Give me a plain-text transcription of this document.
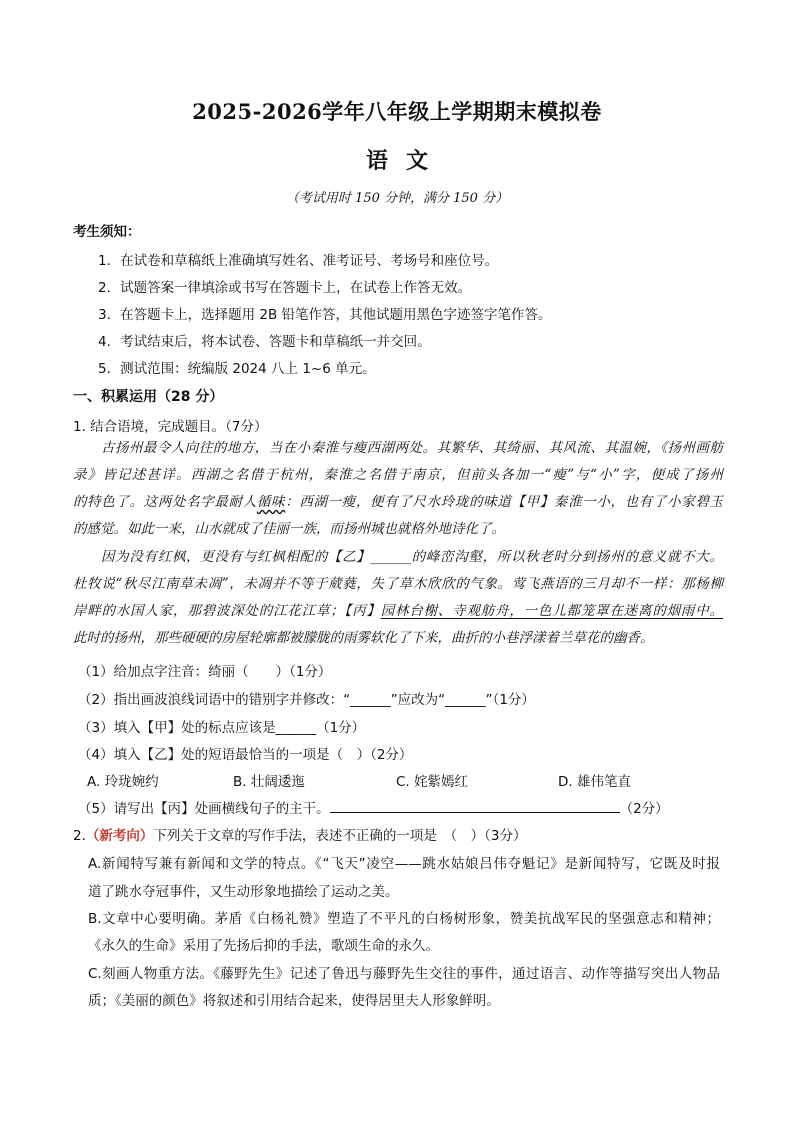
2025-2026学年八年级上学期期末模拟卷
语文
（考试用时 150 分钟，满分 150 分）
考生须知：
1．在试卷和草稿纸上准确填写姓名、准考证号、考场号和座位号。
2．试题答案一律填涂或书写在答题卡上，在试卷上作答无效。
3．在答题卡上，选择题用 2B 铅笔作答，其他试题用黑色字迹签字笔作答。
4．考试结束后，将本试卷、答题卡和草稿纸一并交回。
5．测试范围：统编版 2024 八上 1~6 单元。
一、积累运用（28 分）
1. 结合语境，完成题目。（7分）
古扬州最令人向往的地方，当在小秦淮与瘦西湖两处。其繁华、其绮丽、其风流、其温婉，《扬州画舫
录》皆记述甚详。西湖之名借于杭州，秦淮之名借于南京，但前头各加一“瘦”与“小”字，便成了扬州
的特色了。这两处名字最耐人循味：西湖一瘦，便有了尺水玲珑的味道【甲】秦淮一小，也有了小家碧玉
的感觉。如此一来，山水就成了佳丽一族，而扬州城也就格外地诗化了。
因为没有红枫，更没有与红枫相配的【乙】______的峰峦沟壑，所以秋老时分到扬州的意义就不大。
杜牧说“秋尽江南草未凋”，未凋并不等于葳蕤，失了草木欣欣的气象。莺飞燕语的三月却不一样：那杨柳
岸畔的水国人家，那碧波深处的江花江草；【丙】园林台榭、寺观舫舟，一色儿都笼罩在迷离的烟雨中。
此时的扬州，那些硬硬的房屋轮廓都被朦胧的雨雾软化了下来，曲折的小巷浮漾着兰草花的幽香。
（1）给加点字注音：绮丽（　　）（1分）
（2）指出画波浪线词语中的错别字并修改：“______”应改为“______”（1分）
（3）填入【甲】处的标点应该是______（1分）
（4）填入【乙】处的短语最恰当的一项是（　）（2分）
A. 玲珑婉约	B. 壮阔逶迤	C. 姹紫嫣红	D. 雄伟笔直
（5）请写出【丙】处画横线句子的主干。	（2分）
2.（新考向）下列关于文章的写作手法，表述不正确的一项是　（　）（3分）
A.新闻特写兼有新闻和文学的特点。《“飞天”凌空——跳水姑娘吕伟夺魁记》是新闻特写，它既及时报
道了跳水夺冠事件，又生动形象地描绘了运动之美。
B.文章中心要明确。茅盾《白杨礼赞》塑造了不平凡的白杨树形象，赞美抗战军民的坚强意志和精神；
《永久的生命》采用了先扬后抑的手法，歌颂生命的永久。
C.刻画人物重方法。《藤野先生》记述了鲁迅与藤野先生交往的事件，通过语言、动作等描写突出人物品
质；《美丽的颜色》将叙述和引用结合起来，使得居里夫人形象鲜明。
